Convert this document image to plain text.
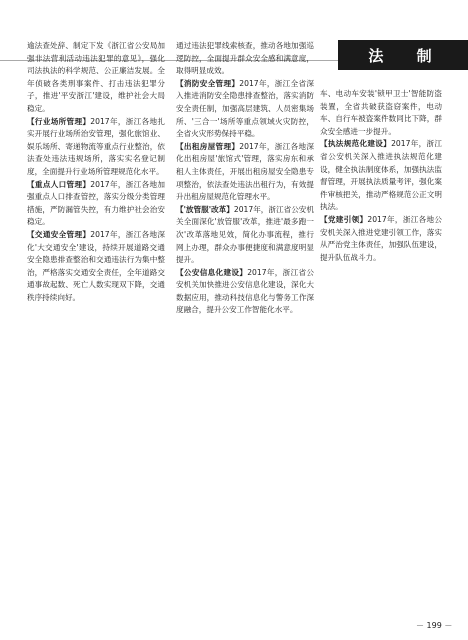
法 制

逾法查处辞、制定下发《浙江省公安局加强非法营利活动违法犯罪的意见》，强化司法执法的科学规范、公正廉洁发展。全年侦破各类刑事案件、打击违法犯罪分子，推进'平安浙江'建设，维护社会大局稳定。

【行业场所管理】2017年，浙江各地扎实开展行业场所治安管理，强化旅馆业、娱乐场所、寄递物流等重点行业整治，依法查处违法违规场所，落实实名登记制度，全面提升行业场所管理规范化水平。

【重点人口管理】2017年，浙江各地加强重点人口排查管控，落实分级分类管理措施，严防漏管失控，有力维护社会治安稳定。

【交通安全管理】2017年，浙江各地深化'大交通安全'建设，持续开展道路交通安全隐患排查整治和交通违法行为集中整治，严格落实交通安全责任，全年道路交通事故起数、死亡人数实现双下降，交通秩序持续向好。

通过违法犯罪线索核查，推动各地加强巡逻防控，全面提升群众安全感和满意度，取得明显成效。

【消防安全管理】2017年，浙江全省深入推进消防安全隐患排查整治，落实消防安全责任制，加强高层建筑、人员密集场所、'三合一'场所等重点领域火灾防控，全省火灾形势保持平稳。

【出租房屋管理】2017年，浙江各地深化出租房屋'旅馆式'管理，落实房东和承租人主体责任，开展出租房屋安全隐患专项整治，依法查处违法出租行为，有效提升出租房屋规范化管理水平。

【'放管服'改革】2017年，浙江省公安机关全面深化'放管服'改革，推进'最多跑一次'改革落地见效，简化办事流程，推行网上办理，群众办事便捷度和满意度明显提升。

【公安信息化建设】2017年，浙江省公安机关加快推进公安信息化建设，深化大数据应用，推动科技信息化与警务工作深度融合，提升公安工作智能化水平。

车、电动车安装'锁甲卫士'智能防盗装置，全省共破获盗窃案件，电动车、自行车被盗案件数同比下降，群众安全感进一步提升。

【执法规范化建设】2017年，浙江省公安机关深入推进执法规范化建设，健全执法制度体系，加强执法监督管理，开展执法质量考评，强化案件审核把关，推动严格规范公正文明执法。

【党建引领】2017年，浙江各地公安机关深入推进党建引领工作，落实从严治党主体责任，加强队伍建设，提升队伍战斗力。

－ 199 －
